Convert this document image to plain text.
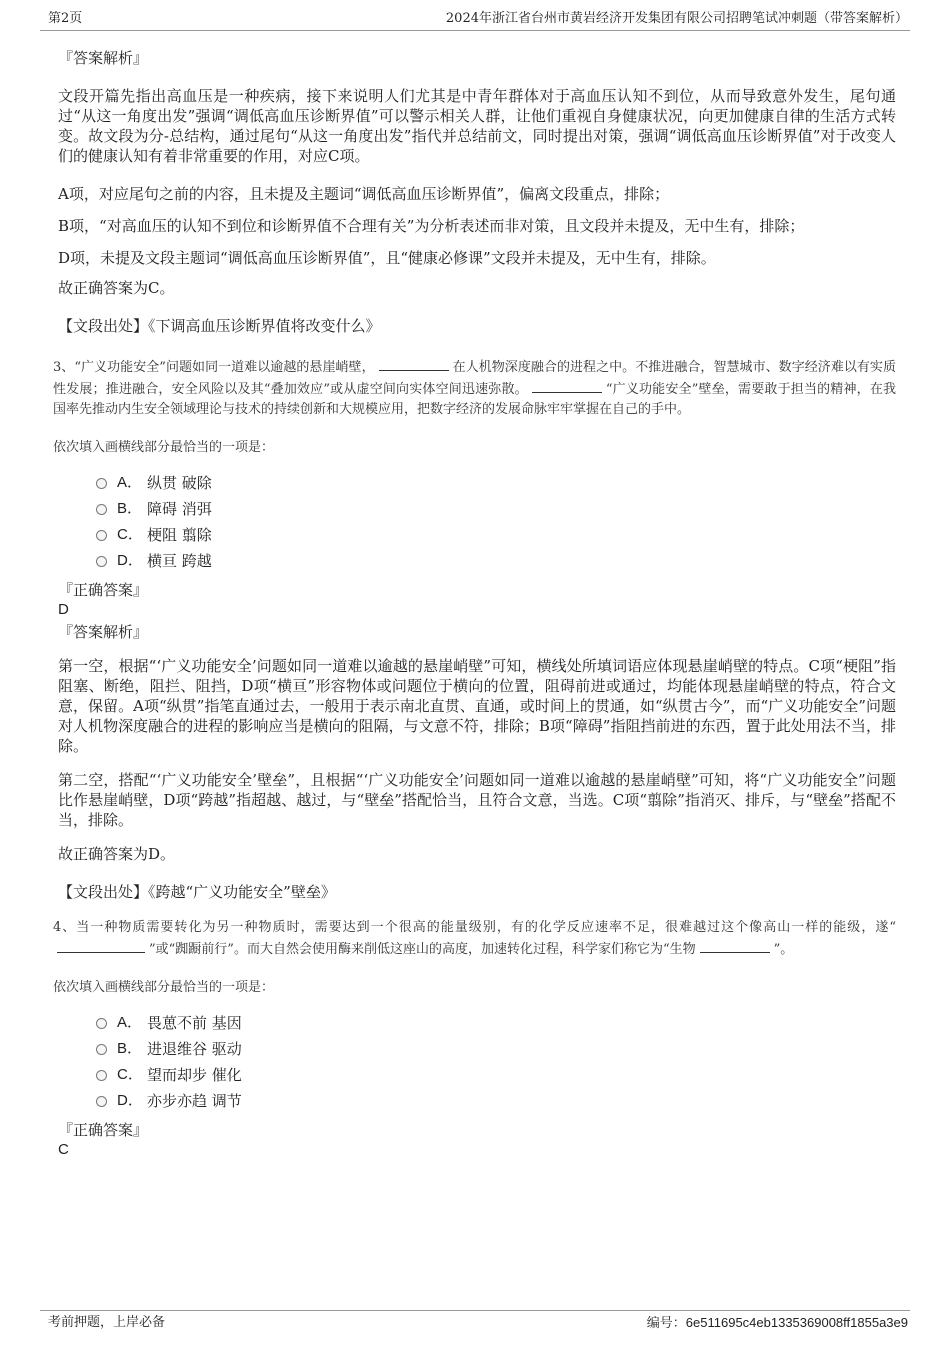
第2页	2024年浙江省台州市黄岩经济开发集团有限公司招聘笔试冲刺题（带答案解析）

『答案解析』

文段开篇先指出高血压是一种疾病，接下来说明人们尤其是中青年群体对于高血压认知不到位，从而导致意外发生，尾句通过“从这一角度出发”强调“调低高血压诊断界值”可以警示相关人群，让他们重视自身健康状况，向更加健康自律的生活方式转变。故文段为分-总结构，通过尾句“从这一角度出发”指代并总结前文，同时提出对策，强调“调低高血压诊断界值”对于改变人们的健康认知有着非常重要的作用，对应C项。

A项，对应尾句之前的内容，且未提及主题词“调低高血压诊断界值”，偏离文段重点，排除；

B项，“对高血压的认知不到位和诊断界值不合理有关”为分析表述而非对策，且文段并未提及，无中生有，排除；

D项，未提及文段主题词“调低高血压诊断界值”，且“健康必修课”文段并未提及，无中生有，排除。

故正确答案为C。

【文段出处】《下调高血压诊断界值将改变什么》

3、“广义功能安全”问题如同一道难以逾越的悬崖峭壁，	在人机物深度融合的进程之中。不推进融合，智慧城市、数字经济难以有实质性发展；推进融合，安全风险以及其“叠加效应”或从虚空间向实体空间迅速弥散。	“广义功能安全”壁垒，需要敢于担当的精神，在我国率先推动内生安全领域理论与技术的持续创新和大规模应用，把数字经济的发展命脉牢牢掌握在自己的手中。

依次填入画横线部分最恰当的一项是：

A． 纵贯 破除
B． 障碍 消弭
C． 梗阻 翦除
D． 横亘 跨越

『正确答案』

D

『答案解析』

第一空，根据“‘广义功能安全’问题如同一道难以逾越的悬崖峭壁”可知，横线处所填词语应体现悬崖峭壁的特点。C项“梗阻”指阻塞、断绝，阻拦、阻挡，D项“横亘”形容物体或问题位于横向的位置，阻碍前进或通过，均能体现悬崖峭壁的特点，符合文意，保留。A项“纵贯”指笔直通过去，一般用于表示南北直贯、直通，或时间上的贯通，如“纵贯古今”，而“广义功能安全”问题对人机物深度融合的进程的影响应当是横向的阻隔，与文意不符，排除；B项“障碍”指阻挡前进的东西，置于此处用法不当，排除。

第二空，搭配“‘广义功能安全’壁垒”，且根据“‘广义功能安全’问题如同一道难以逾越的悬崖峭壁”可知，将“广义功能安全”问题比作悬崖峭壁，D项“跨越”指超越、越过，与“壁垒”搭配恰当，且符合文意，当选。C项“翦除”指消灭、排斥，与“壁垒”搭配不当，排除。

故正确答案为D。

【文段出处】《跨越“广义功能安全”壁垒》

4、当一种物质需要转化为另一种物质时，需要达到一个很高的能量级别，有的化学反应速率不足，很难越过这个像高山一样的能级，遂“”或“踟蹰前行”。而大自然会使用酶来削低这座山的高度，加速转化过程，科学家们称它为“生物	”。

依次填入画横线部分最恰当的一项是：

A． 畏葸不前 基因
B． 进退维谷 驱动
C． 望而却步 催化
D． 亦步亦趋 调节

『正确答案』

C

考前押题，上岸必备	编号：6e511695c4eb1335369008ff1855a3e9
